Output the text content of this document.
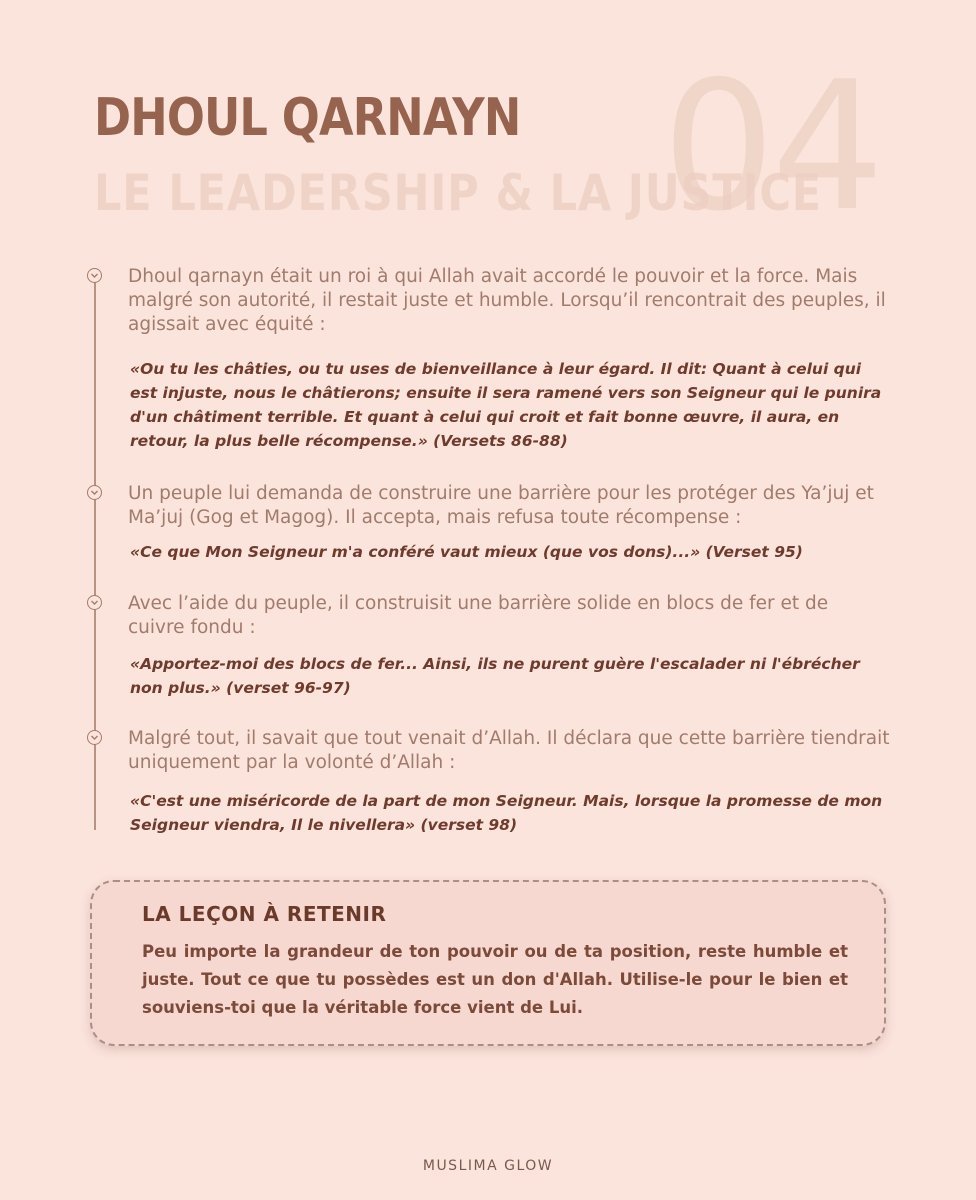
04
DHOUL QARNAYN
LE LEADERSHIP & LA JUSTICE

Dhoul qarnayn était un roi à qui Allah avait accordé le pouvoir et la force. Mais malgré son autorité, il restait juste et humble. Lorsqu’il rencontrait des peuples, il agissait avec équité :

«Ou tu les châties, ou tu uses de bienveillance à leur égard. Il dit: Quant à celui qui est injuste, nous le châtierons; ensuite il sera ramené vers son Seigneur qui le punira d'un châtiment terrible. Et quant à celui qui croit et fait bonne œuvre, il aura, en retour, la plus belle récompense.» (Versets 86-88)

Un peuple lui demanda de construire une barrière pour les protéger des Ya’juj et Ma’juj (Gog et Magog). Il accepta, mais refusa toute récompense :

«Ce que Mon Seigneur m'a conféré vaut mieux (que vos dons)...» (Verset 95)

Avec l’aide du peuple, il construisit une barrière solide en blocs de fer et de cuivre fondu :

«Apportez-moi des blocs de fer... Ainsi, ils ne purent guère l'escalader ni l'ébrécher non plus.» (verset 96-97)

Malgré tout, il savait que tout venait d’Allah. Il déclara que cette barrière tiendrait uniquement par la volonté d’Allah :

«C'est une miséricorde de la part de mon Seigneur. Mais, lorsque la promesse de mon Seigneur viendra, Il le nivellera» (verset 98)

LA LEÇON À RETENIR

Peu importe la grandeur de ton pouvoir ou de ta position, reste humble et juste. Tout ce que tu possèdes est un don d'Allah. Utilise-le pour le bien et souviens-toi que la véritable force vient de Lui.

MUSLIMA GLOW
